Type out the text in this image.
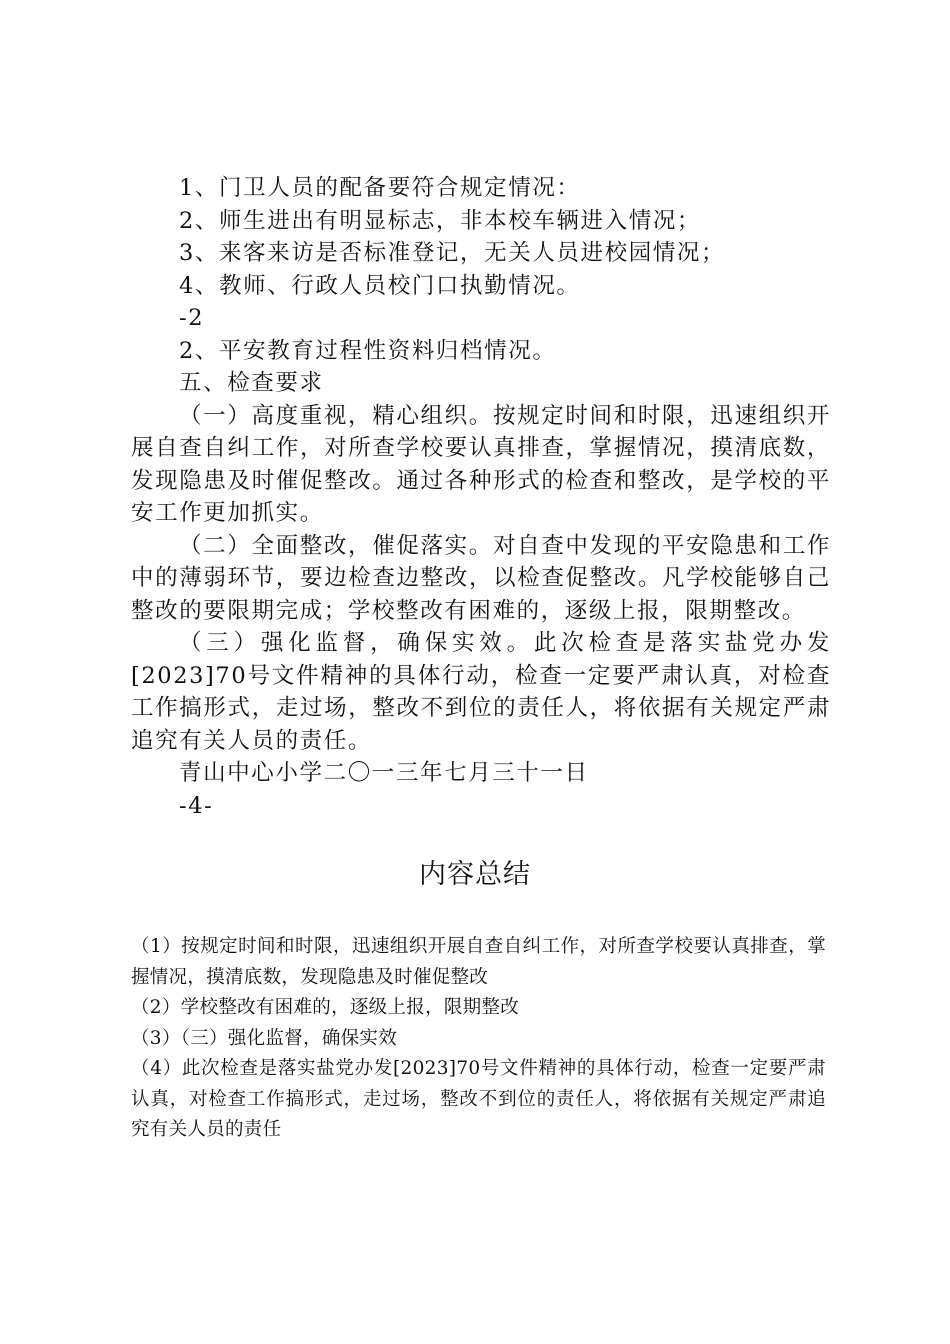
1、门卫人员的配备要符合规定情况：
2、师生进出有明显标志，非本校车辆进入情况；
3、来客来访是否标准登记，无关人员进校园情况；
4、教师、行政人员校门口执勤情况。
-2
2、平安教育过程性资料归档情况。
五、检查要求
（一）高度重视，精心组织。按规定时间和时限，迅速组织开展自查自纠工作，对所查学校要认真排查，掌握情况，摸清底数，发现隐患及时催促整改。通过各种形式的检查和整改，是学校的平安工作更加抓实。
（二）全面整改，催促落实。对自查中发现的平安隐患和工作中的薄弱环节，要边检查边整改，以检查促整改。凡学校能够自己整改的要限期完成；学校整改有困难的，逐级上报，限期整改。
（三）强化监督，确保实效。此次检查是落实盐党办发[2023]70号文件精神的具体行动，检查一定要严肃认真，对检查工作搞形式，走过场，整改不到位的责任人，将依据有关规定严肃追究有关人员的责任。
青山中心小学二〇一三年七月三十一日
-4-
内容总结

（1）按规定时间和时限，迅速组织开展自查自纠工作，对所查学校要认真排查，掌握情况，摸清底数，发现隐患及时催促整改

（2）学校整改有困难的，逐级上报，限期整改

（3）（三）强化监督，确保实效

（4）此次检查是落实盐党办发[2023]70号文件精神的具体行动，检查一定要严肃认真，对检查工作搞形式，走过场，整改不到位的责任人，将依据有关规定严肃追究有关人员的责任
